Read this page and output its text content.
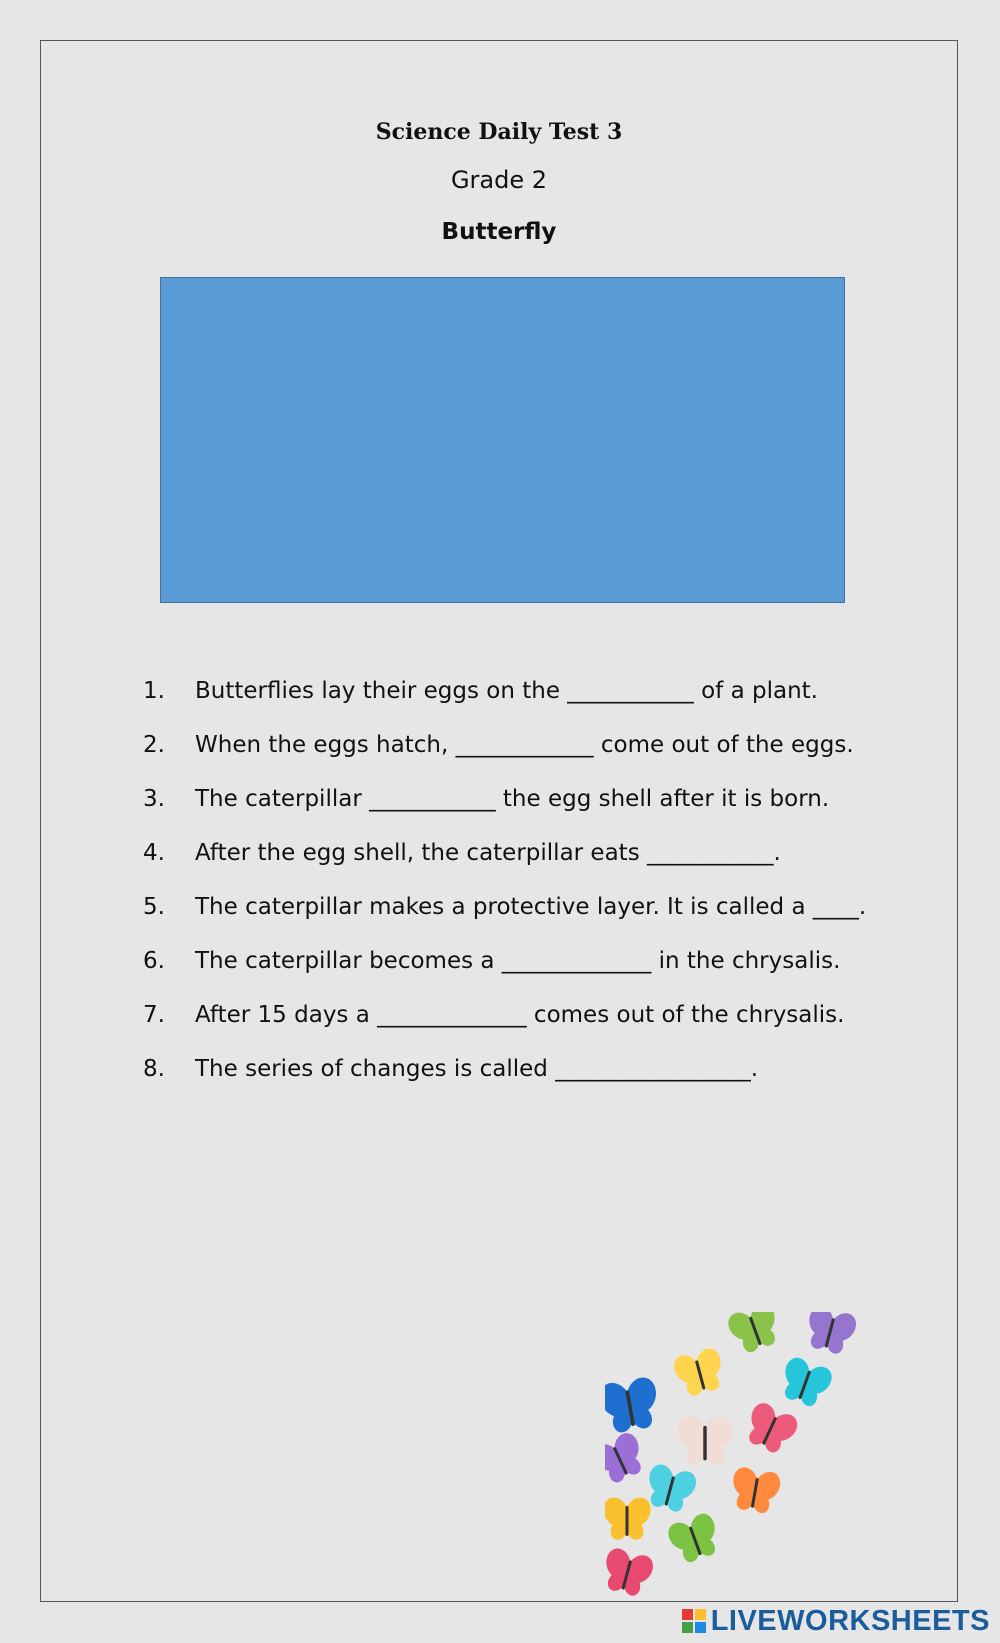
Science Daily Test 3
Grade 2
Butterfly
1. Butterflies lay their eggs on the ___________ of a plant.
2. When the eggs hatch, ____________ come out of the eggs.
3. The caterpillar ___________ the egg shell after it is born.
4. After the egg shell, the caterpillar eats ___________.
5. The caterpillar makes a protective layer. It is called a ____.
6. The caterpillar becomes a _____________ in the chrysalis.
7. After 15 days a _____________ comes out of the chrysalis.
8. The series of changes is called _________________.
LIVEWORKSHEETS
